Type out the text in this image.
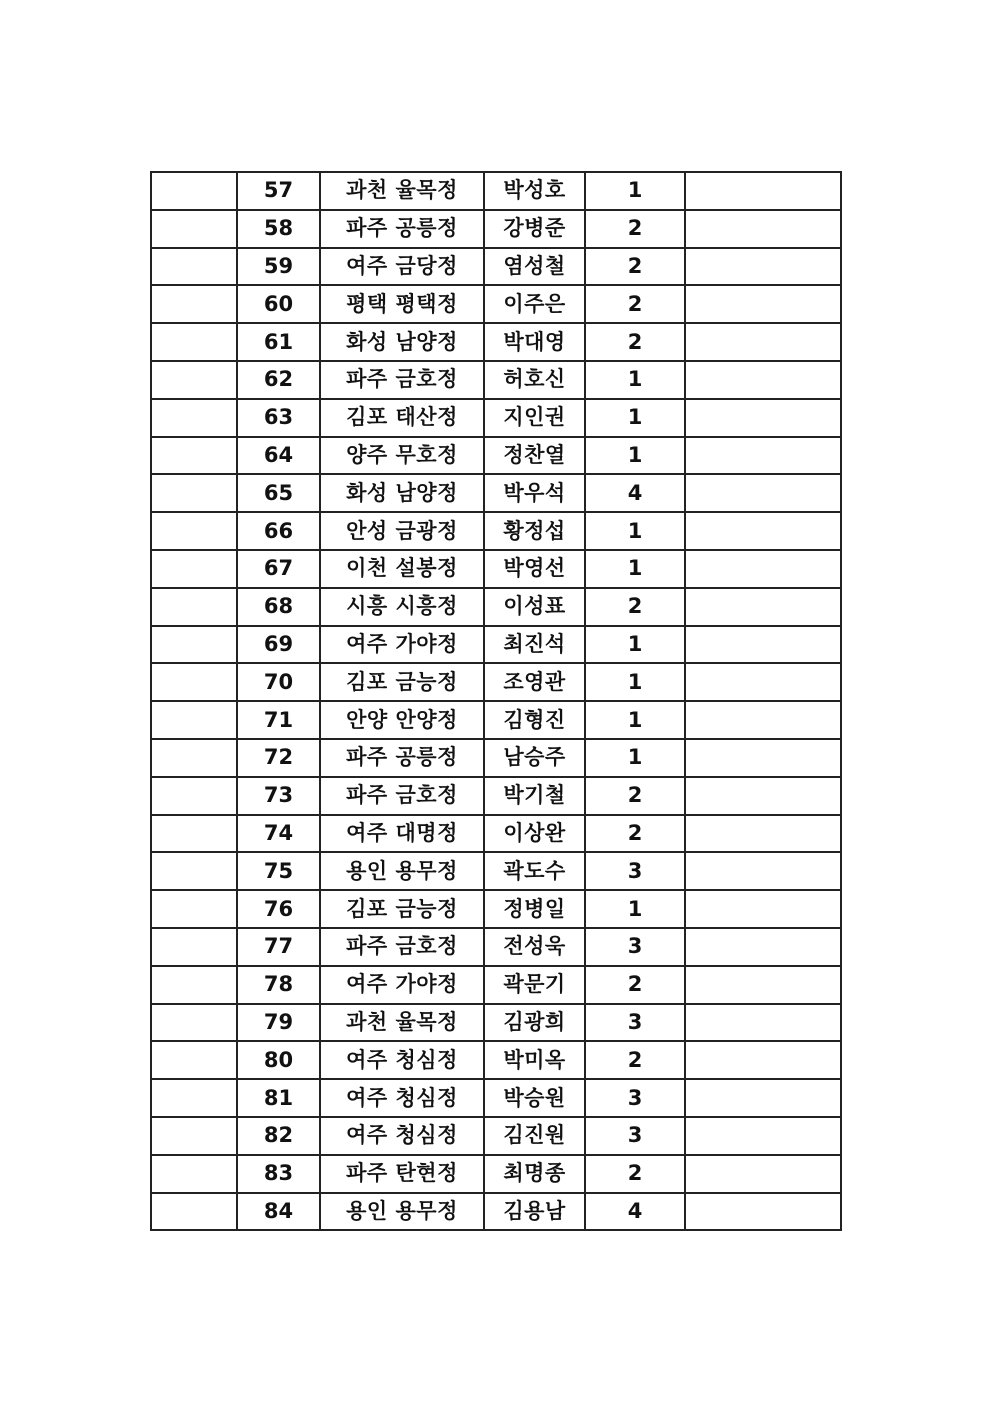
	57	과천 율목정	박성호	1	
	58	파주 공릉정	강병준	2	
	59	여주 금당정	염성철	2	
	60	평택 평택정	이주은	2	
	61	화성 남양정	박대영	2	
	62	파주 금호정	허호신	1	
	63	김포 태산정	지인권	1	
	64	양주 무호정	정찬열	1	
	65	화성 남양정	박우석	4	
	66	안성 금광정	황정섭	1	
	67	이천 설봉정	박영선	1	
	68	시흥 시흥정	이성표	2	
	69	여주 가야정	최진석	1	
	70	김포 금능정	조영관	1	
	71	안양 안양정	김형진	1	
	72	파주 공릉정	남승주	1	
	73	파주 금호정	박기철	2	
	74	여주 대명정	이상완	2	
	75	용인 용무정	곽도수	3	
	76	김포 금능정	정병일	1	
	77	파주 금호정	전성욱	3	
	78	여주 가야정	곽문기	2	
	79	과천 율목정	김광희	3	
	80	여주 청심정	박미옥	2	
	81	여주 청심정	박승원	3	
	82	여주 청심정	김진원	3	
	83	파주 탄현정	최명종	2	
	84	용인 용무정	김용남	4	
